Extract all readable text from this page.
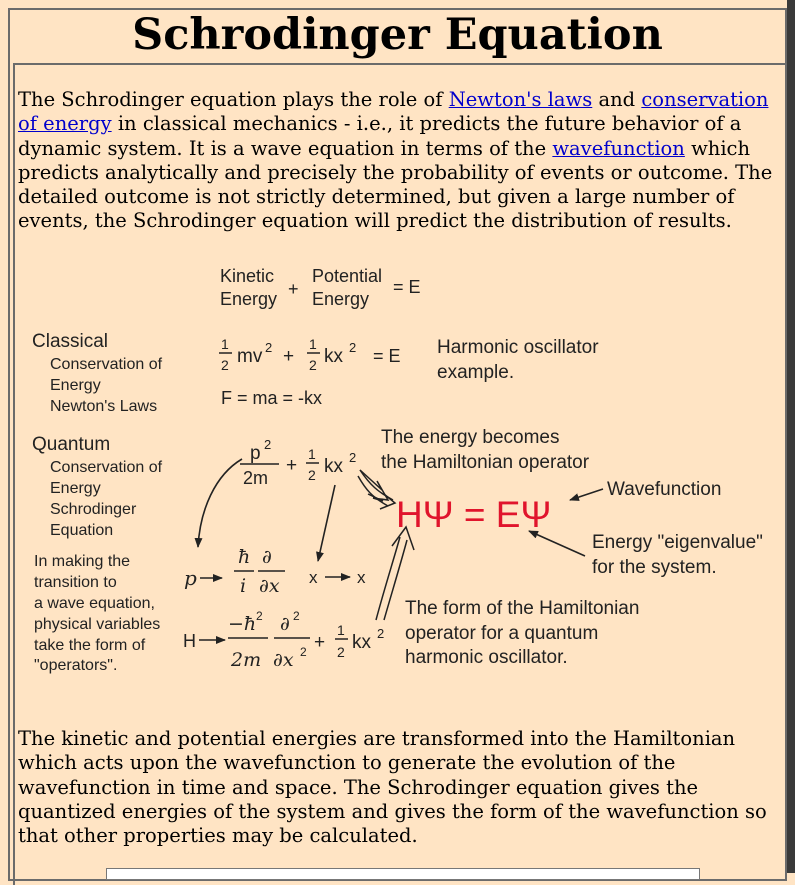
Schrodinger Equation

The Schrodinger equation plays the role of Newton's laws and conservation of energy in classical mechanics - i.e., it predicts the future behavior of a dynamic system. It is a wave equation in terms of the wavefunction which predicts analytically and precisely the probability of events or outcome. The detailed outcome is not strictly determined, but given a large number of events, the Schrodinger equation will predict the distribution of results.

Kinetic
Energy +
Potential
Energy
= E
Classical
Conservation of
Energy
Newton's Laws
1
2 mv 2 +
1
2 kx 2 = E Harmonic oscillator
example.
F = ma = -kx
Quantum
Conservation of
Energy
Schrodinger
Equation
p 2
2m
+
1
2 kx 2
The energy becomes
the Hamiltonian operator
HΨ = EΨ
Wavefunction
Energy "eigenvalue"
for the system.
In making the
transition to
a wave equation,
physical variables
take the form of
"operators".
p
ħ
i
∂
∂x x x
H
−ħ 2
2m
∂ 2
∂x 2 +
1
2 kx 2
The form of the Hamiltonian
operator for a quantum
harmonic oscillator.

The kinetic and potential energies are transformed into the Hamiltonian which acts upon the wavefunction to generate the evolution of the wavefunction in time and space. The Schrodinger equation gives the quantized energies of the system and gives the form of the wavefunction so that other properties may be calculated.
